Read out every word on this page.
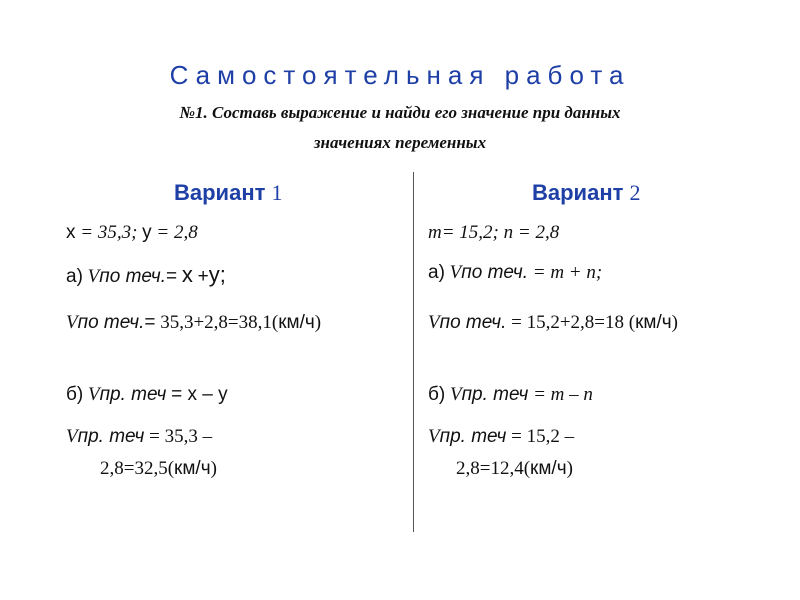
Самостоятельная работа
№1. Составь выражение и найди его значение при данных
значениях переменных
Вариант 1
x = 35,3; y = 2,8
а) Vпо теч.= x +y;
Vпо теч.= 35,3+2,8=38,1(км/ч)
б) Vпр. теч = x – y
Vпр. теч = 35,3 –
2,8=32,5(км/ч)
Вариант 2
m= 15,2; n = 2,8
а) Vпо теч. = m + n;
Vпо теч. = 15,2+2,8=18 (км/ч)
б) Vпр. теч = m – n
Vпр. теч = 15,2 –
2,8=12,4(км/ч)
